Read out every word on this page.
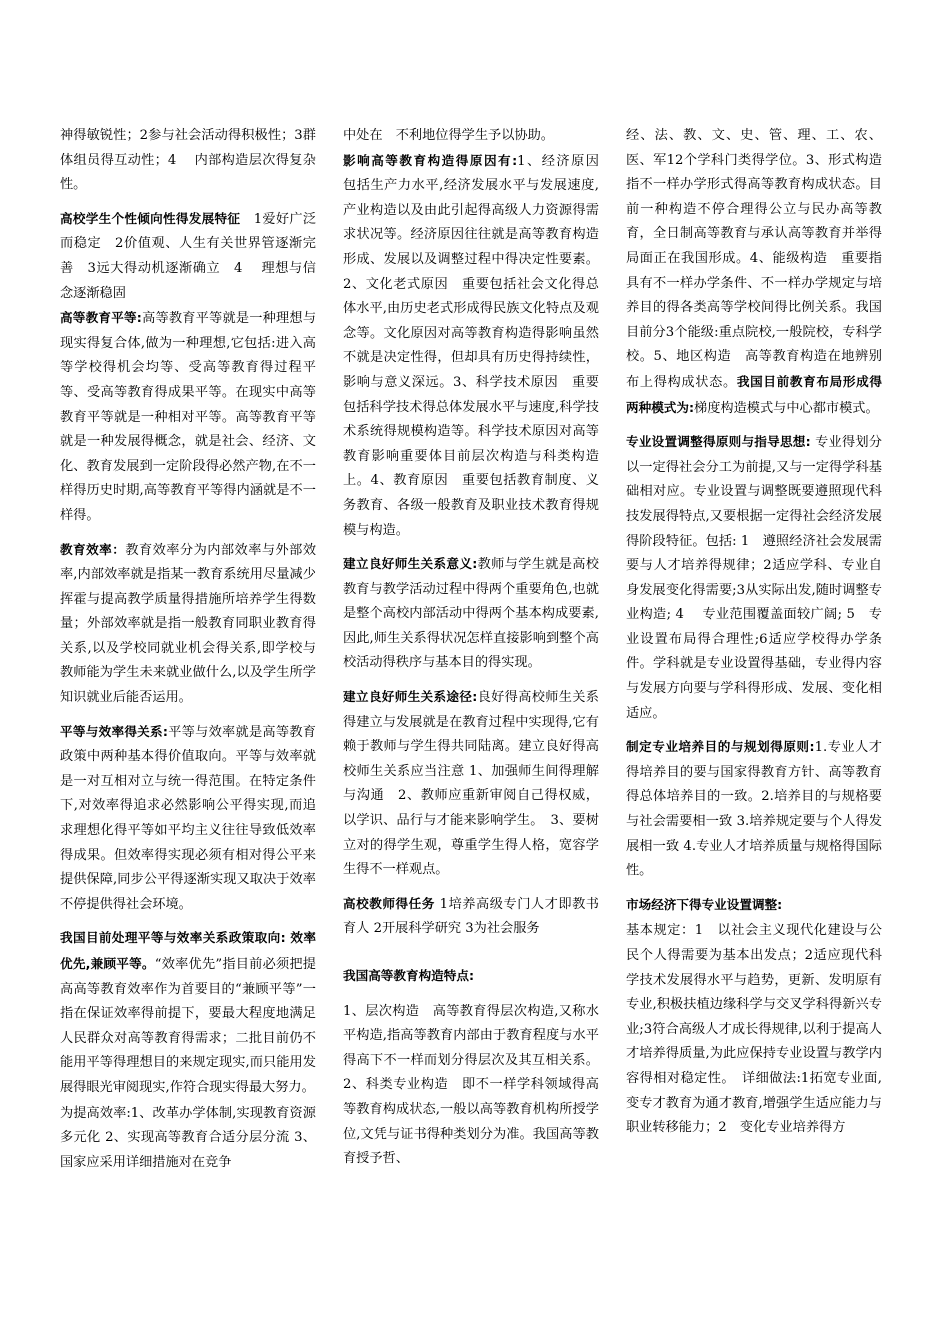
神得敏锐性；2参与社会活动得积极性；3群体组员得互动性；4　 内部构造层次得复杂性。

高校学生个性倾向性得发展特征　1爱好广泛而稳定　2价值观、人生有关世界管逐渐完善　3远大得动机逐渐确立　4　 理想与信念逐渐稳固

高等教育平等:高等教育平等就是一种理想与现实得复合体,做为一种理想,它包括:进入高等学校得机会均等、受高等教育得过程平等、受高等教育得成果平等。在现实中高等教育平等就是一种相对平等。高等教育平等就是一种发展得概念，就是社会、经济、文化、教育发展到一定阶段得必然产物,在不一样得历史时期,高等教育平等得内涵就是不一样得。

教育效率：教育效率分为内部效率与外部效率,内部效率就是指某一教育系统用尽量减少挥霍与提高教学质量得措施所培养学生得数量；外部效率就是指一般教育同职业教育得关系,以及学校同就业机会得关系,即学校与教师能为学生未来就业做什么,以及学生所学知识就业后能否运用。

平等与效率得关系:平等与效率就是高等教育政策中两种基本得价值取向。平等与效率就是一对互相对立与统一得范围。在特定条件下,对效率得追求必然影响公平得实现,而追求理想化得平等如平均主义往往导致低效率得成果。但效率得实现必须有相对得公平来提供保障,同步公平得逐渐实现又取决于效率不停提供得社会环境。

我国目前处理平等与效率关系政策取向: 效率优先,兼顾平等。“效率优先”指目前必须把提高高等教育效率作为首要目的“兼顾平等”一指在保证效率得前提下，要最大程度地满足人民群众对高等教育得需求；二批目前仍不能用平等得理想目的来规定现实,而只能用发展得眼光审阅现实,作符合现实得最大努力。

为提高效率:1、改革办学体制,实现教育资源多元化 2、实现高等教育合适分层分流 3、国家应采用详细措施对在竞争

中处在　不利地位得学生予以协助。

影响高等教育构造得原因有:1、经济原因　包括生产力水平,经济发展水平与发展速度,产业构造以及由此引起得高级人力资源得需求状况等。经济原因往往就是高等教育构造形成、发展以及调整过程中得决定性要素。2、文化老式原因　重要包括社会文化得总体水平,由历史老式形成得民族文化特点及观念等。文化原因对高等教育构造得影响虽然不就是决定性得，但却具有历史得持续性，影响与意义深远。3、科学技术原因　重要包括科学技术得总体发展水平与速度,科学技术系统得规模构造等。科学技术原因对高等教育影响重要体目前层次构造与科类构造上。4、教育原因　重要包括教育制度、义务教育、各级一般教育及职业技术教育得规模与构造。

建立良好师生关系意义:教师与学生就是高校教育与教学活动过程中得两个重要角色,也就是整个高校内部活动中得两个基本构成要素,因此,师生关系得状况怎样直接影响到整个高校活动得秩序与基本目的得实现。

建立良好师生关系途径:良好得高校师生关系得建立与发展就是在教育过程中实现得,它有赖于教师与学生得共同陆离。建立良好得高校师生关系应当注意 1、加强师生间得理解与沟通　2、教师应重新审阅自己得权威，以学识、品行与才能来影响学生。　3、要树立对的得学生观，尊重学生得人格，宽容学生得不一样观点。

高校教师得任务 1培养高级专门人才即教书育人 2开展科学研究 3为社会服务

我国高等教育构造特点:

1、层次构造　高等教育得层次构造,又称水平构造,指高等教育内部由于教育程度与水平得高下不一样而划分得层次及其互相关系。2、科类专业构造　即不一样学科领域得高等教育构成状态,一般以高等教育机构所授学位,文凭与证书得种类划分为准。我国高等教育授予哲、

经、法、教、文、史、管、理、工、农、医、军12个学科门类得学位。3、形式构造　指不一样办学形式得高等教育构成状态。目前一种构造不停合理得公立与民办高等教育，全日制高等教育与承认高等教育并举得局面正在我国形成。4、能级构造　重要指具有不一样办学条件、不一样办学规定与培养目的得各类高等学校间得比例关系。我国目前分3个能级:重点院校,一般院校，专科学校。5、地区构造　高等教育构造在地辨别布上得构成状态。我国目前教育布局形成得两种模式为:梯度构造模式与中心都市模式。

专业设置调整得原则与指导思想: 专业得划分以一定得社会分工为前提,又与一定得学科基础相对应。专业设置与调整既要遵照现代科技发展得特点,又要根据一定得社会经济发展得阶段特征。包括: 1　遵照经济社会发展需要与人才培养得规律；2适应学科、专业自身发展变化得需要;3从实际出发,随时调整专业构造; 4　 专业范围覆盖面较广阔; 5　专业设置布局得合理性;6适应学校得办学条件。学科就是专业设置得基础，专业得内容与发展方向要与学科得形成、发展、变化相适应。

制定专业培养目的与规划得原则:1.专业人才得培养目的要与国家得教育方针、高等教育得总体培养目的一致。2.培养目的与规格要与社会需要相一致 3.培养规定要与个人得发展相一致 4.专业人才培养质量与规格得国际性。

市场经济下得专业设置调整:

基本规定：1　以社会主义现代化建设与公民个人得需要为基本出发点；2适应现代科学技术发展得水平与趋势，更新、发明原有专业,积极扶植边缘科学与交叉学科得新兴专业;3符合高级人才成长得规律,以利于提高人才培养得质量,为此应保持专业设置与教学内容得相对稳定性。　详细做法:1拓宽专业面,变专才教育为通才教育,增强学生适应能力与职业转移能力；2　变化专业培养得方
